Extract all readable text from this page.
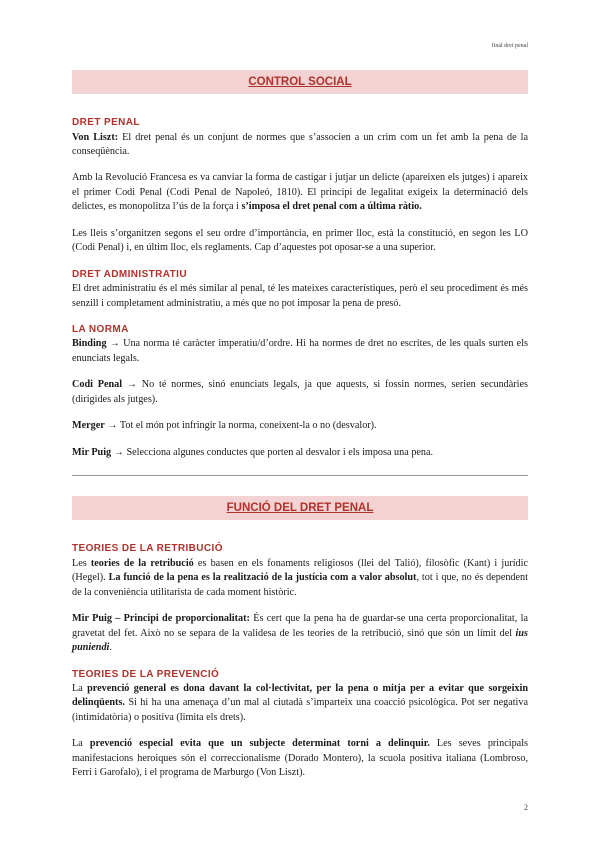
final dret penal
CONTROL SOCIAL
DRET PENAL

Von Liszt: El dret penal és un conjunt de normes que s’associen a un crim com un fet amb la pena de la conseqüència.

Amb la Revolució Francesa es va canviar la forma de castigar i jutjar un delicte (apareixen els jutges) i apareix el primer Codi Penal (Codi Penal de Napoleó, 1810). El principi de legalitat exigeix la determinació dels delictes, es monopolitza l’ús de la força i s’imposa el dret penal com a última ràtio.

Les lleis s’organitzen segons el seu ordre d’importància, en primer lloc, està la constitució, en segon les LO (Codi Penal) i, en últim lloc, els reglaments. Cap d’aquestes pot oposar-se a una superior.

DRET ADMINISTRATIU

El dret administratiu és el més similar al penal, té les mateixes característiques, però el seu procediment és més senzill i completament administratiu, a més que no pot imposar la pena de presó.

LA NORMA

Binding → Una norma té caràcter imperatiu/d’ordre. Hi ha normes de dret no escrites, de les quals surten els enunciats legals.

Codi Penal → No té normes, sinó enunciats legals, ja que aquests, si fossin normes, serien secundàries (dirigides als jutges).

Merger → Tot el món pot infringir la norma, coneixent-la o no (desvalor).

Mir Puig → Selecciona algunes conductes que porten al desvalor i els imposa una pena.

FUNCIÓ DEL DRET PENAL
TEORIES DE LA RETRIBUCIÓ

Les teories de la retribució es basen en els fonaments religiosos (llei del Talió), filosòfic (Kant) i jurídic (Hegel). La funció de la pena es la realització de la justícia com a valor absolut, tot i que, no és dependent de la conveniència utilitarista de cada moment històric.

Mir Puig – Principi de proporcionalitat: És cert que la pena ha de guardar-se una certa proporcionalitat, la gravetat del fet. Això no se separa de la validesa de les teories de la retribució, sinó que són un límit del ius puniendi.

TEORIES DE LA PREVENCIÓ

La prevenció general es dona davant la col·lectivitat, per la pena o mitja per a evitar que sorgeixin delinqüents. Si hi ha una amenaça d’un mal al ciutadà s’imparteix una coacció psicològica. Pot ser negativa (intimidatòria) o positiva (limita els drets).

La prevenció especial evita que un subjecte determinat torni a delinquir. Les seves principals manifestacions heroiques són el correccionalisme (Dorado Montero), la scuola positiva italiana (Lombroso, Ferri i Garofalo), i el programa de Marburgo (Von Liszt).

2
